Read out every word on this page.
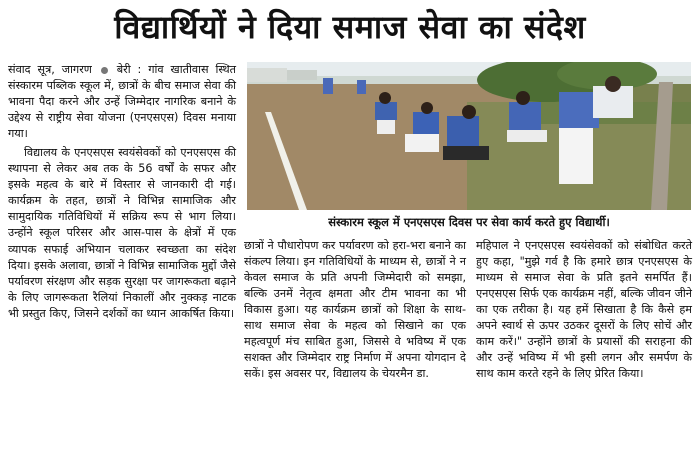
विद्यार्थियों ने दिया समाज सेवा का संदेश

संवाद सूत्र, जागरण बेरी : गांव खातीवास स्थित संस्कारम पब्लिक स्कूल में, छात्रों के बीच समाज सेवा की भावना पैदा करने और उन्हें जिम्मेदार नागरिक बनाने के उद्देश्य से राष्ट्रीय सेवा योजना (एनएसएस) दिवस मनाया गया।

विद्यालय के एनएसएस स्वयंसेवकों को एनएसएस की स्थापना से लेकर अब तक के 56 वर्षों के सफर और इसके महत्व के बारे में विस्तार से जानकारी दी गई। कार्यक्रम के तहत, छात्रों ने विभिन्न सामाजिक और सामुदायिक गतिविधियों में सक्रिय रूप से भाग लिया। उन्होंने स्कूल परिसर और आस-पास के क्षेत्रों में एक व्यापक सफाई अभियान चलाकर स्वच्छता का संदेश दिया। इसके अलावा, छात्रों ने विभिन्न सामाजिक मुद्दों जैसे पर्यावरण संरक्षण और सड़क सुरक्षा पर जागरूकता बढ़ाने के लिए जागरूकता रैलियां निकालीं और नुक्कड़ नाटक भी प्रस्तुत किए, जिसने दर्शकों का ध्यान आकर्षित किया।

संस्कारम स्कूल में एनएसएस दिवस पर सेवा कार्य करते हुए विद्यार्थी।

छात्रों ने पौधारोपण कर पर्यावरण को हरा-भरा बनाने का संकल्प लिया। इन गतिविधियों के माध्यम से, छात्रों ने न केवल समाज के प्रति अपनी जिम्मेदारी को समझा, बल्कि उनमें नेतृत्व क्षमता और टीम भावना का भी विकास हुआ। यह कार्यक्रम छात्रों को शिक्षा के साथ-साथ समाज सेवा के महत्व को सिखाने का एक महत्वपूर्ण मंच साबित हुआ, जिससे वे भविष्य में एक सशक्त और जिम्मेदार राष्ट्र निर्माण में अपना योगदान दे सकें। इस अवसर पर, विद्यालय के चेयरमैन डा.

महिपाल ने एनएसएस स्वयंसेवकों को संबोधित करते हुए कहा, "मुझे गर्व है कि हमारे छात्र एनएसएस के माध्यम से समाज सेवा के प्रति इतने समर्पित हैं। एनएसएस सिर्फ एक कार्यक्रम नहीं, बल्कि जीवन जीने का एक तरीका है। यह हमें सिखाता है कि कैसे हम अपने स्वार्थ से ऊपर उठकर दूसरों के लिए सोचें और काम करें।" उन्होंने छात्रों के प्रयासों की सराहना की और उन्हें भविष्य में भी इसी लगन और समर्पण के साथ काम करते रहने के लिए प्रेरित किया।
